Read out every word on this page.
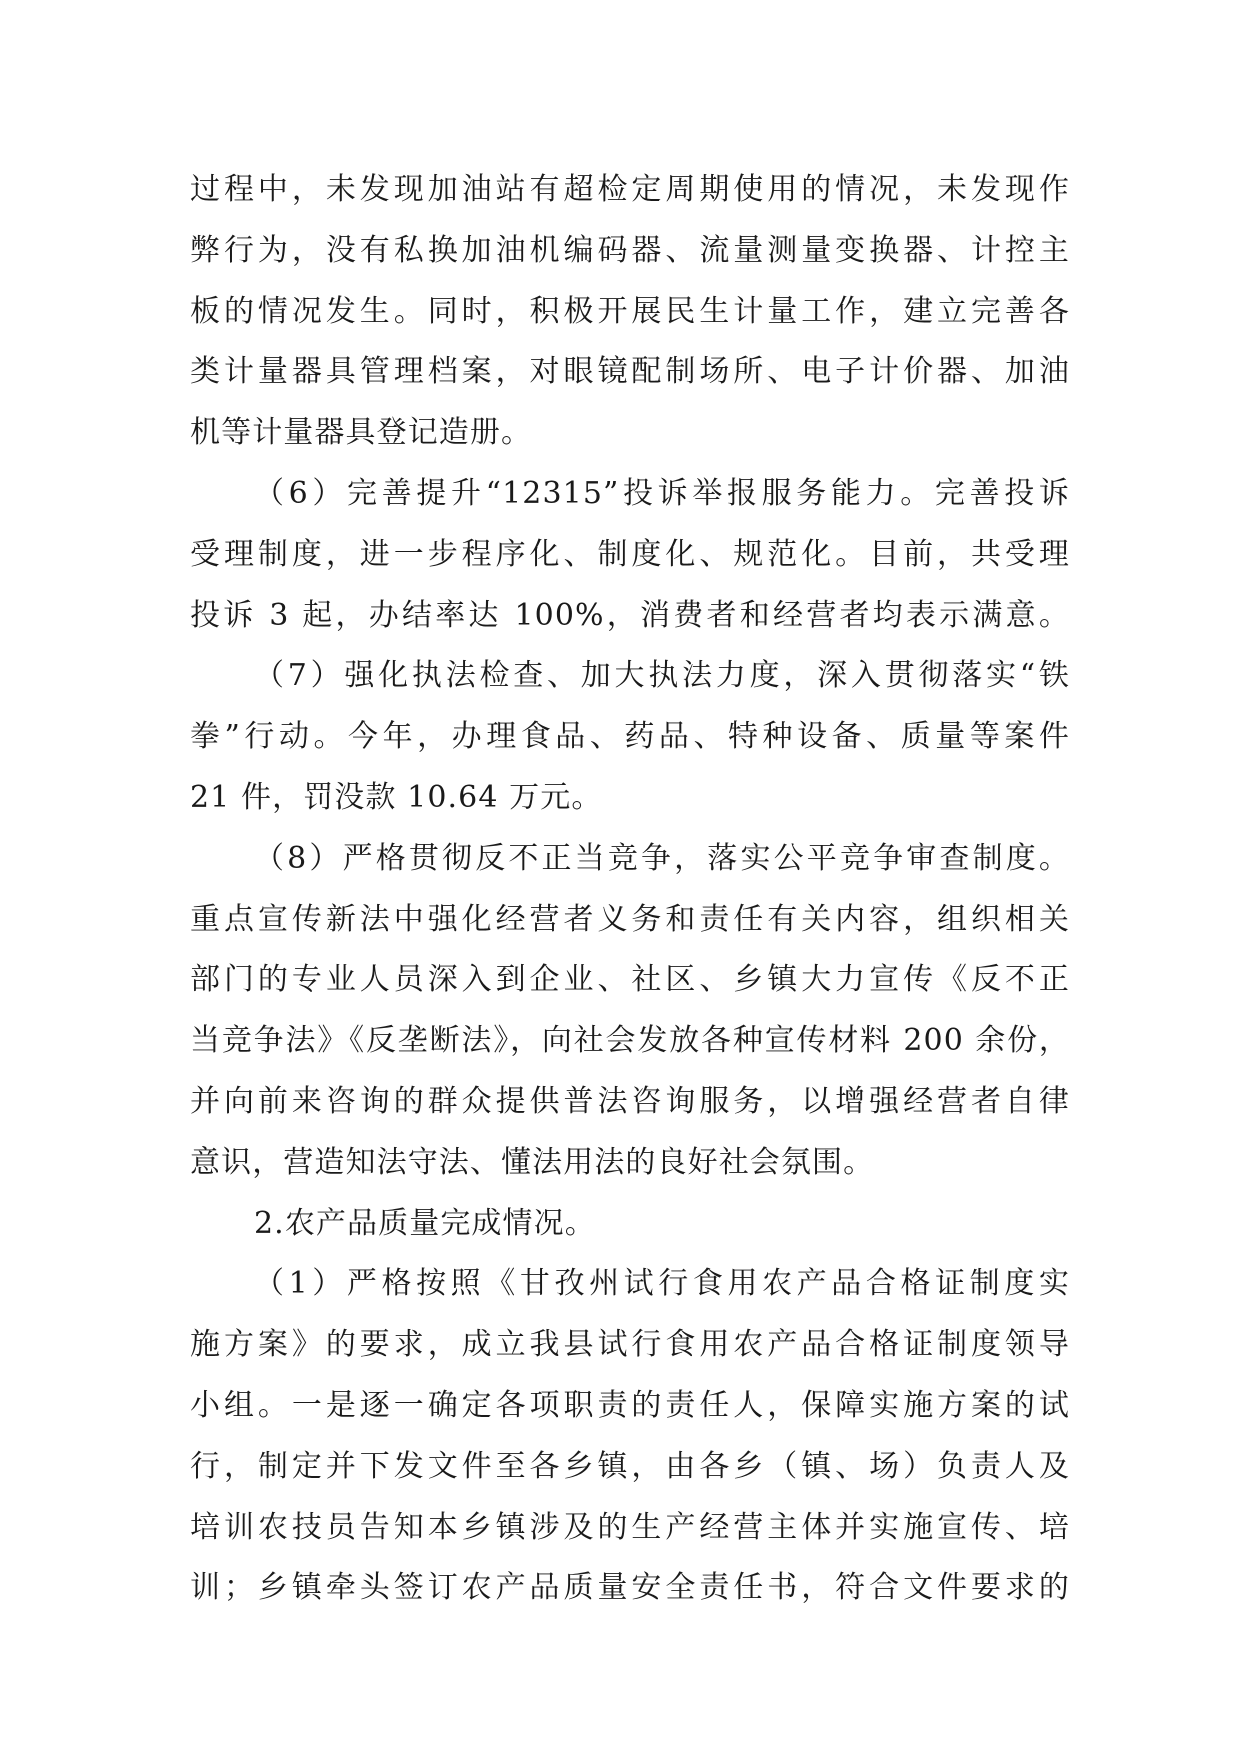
过程中，未发现加油站有超检定周期使用的情况，未发现作
弊行为，没有私换加油机编码器、流量测量变换器、计控主
板的情况发生。同时，积极开展民生计量工作，建立完善各
类计量器具管理档案，对眼镜配制场所、电子计价器、加油
机等计量器具登记造册。
（6）完善提升“12315”投诉举报服务能力。完善投诉
受理制度，进一步程序化、制度化、规范化。目前，共受理
投诉 3 起，办结率达 100%，消费者和经营者均表示满意。
（7）强化执法检查、加大执法力度，深入贯彻落实“铁
拳”行动。今年，办理食品、药品、特种设备、质量等案件
21 件，罚没款 10.64 万元。
（8）严格贯彻反不正当竞争，落实公平竞争审查制度。
重点宣传新法中强化经营者义务和责任有关内容，组织相关
部门的专业人员深入到企业、社区、乡镇大力宣传《反不正
当竞争法》《反垄断法》，向社会发放各种宣传材料 200 余份，
并向前来咨询的群众提供普法咨询服务，以增强经营者自律
意识，营造知法守法、懂法用法的良好社会氛围。
2.农产品质量完成情况。
（1）严格按照《甘孜州试行食用农产品合格证制度实
施方案》的要求，成立我县试行食用农产品合格证制度领导
小组。一是逐一确定各项职责的责任人，保障实施方案的试
行，制定并下发文件至各乡镇，由各乡（镇、场）负责人及
培训农技员告知本乡镇涉及的生产经营主体并实施宣传、培
训；乡镇牵头签订农产品质量安全责任书，符合文件要求的
